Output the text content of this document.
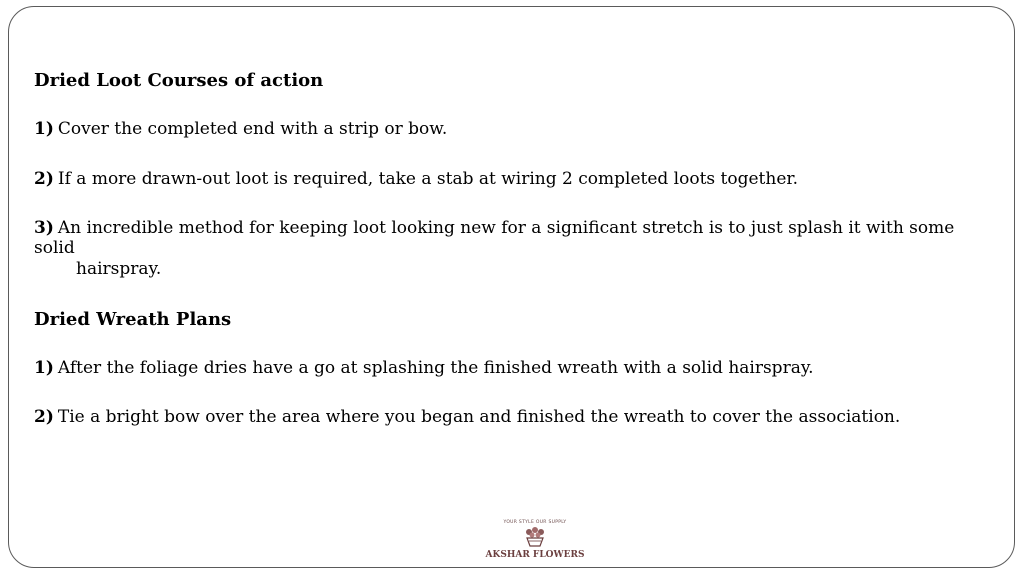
Dried Loot Courses of action

1) Cover the completed end with a strip or bow.

2) If a more drawn-out loot is required, take a stab at wiring 2 completed loots together.

3) An incredible method for keeping loot looking new for a significant stretch is to just splash it with some solid

hairspray.

Dried Wreath Plans

1) After the foliage dries have a go at splashing the finished wreath with a solid hairspray.

2) Tie a bright bow over the area where you began and finished the wreath to cover the association.

YOUR STYLE OUR SUPPLY
AKSHAR FLOWERS
